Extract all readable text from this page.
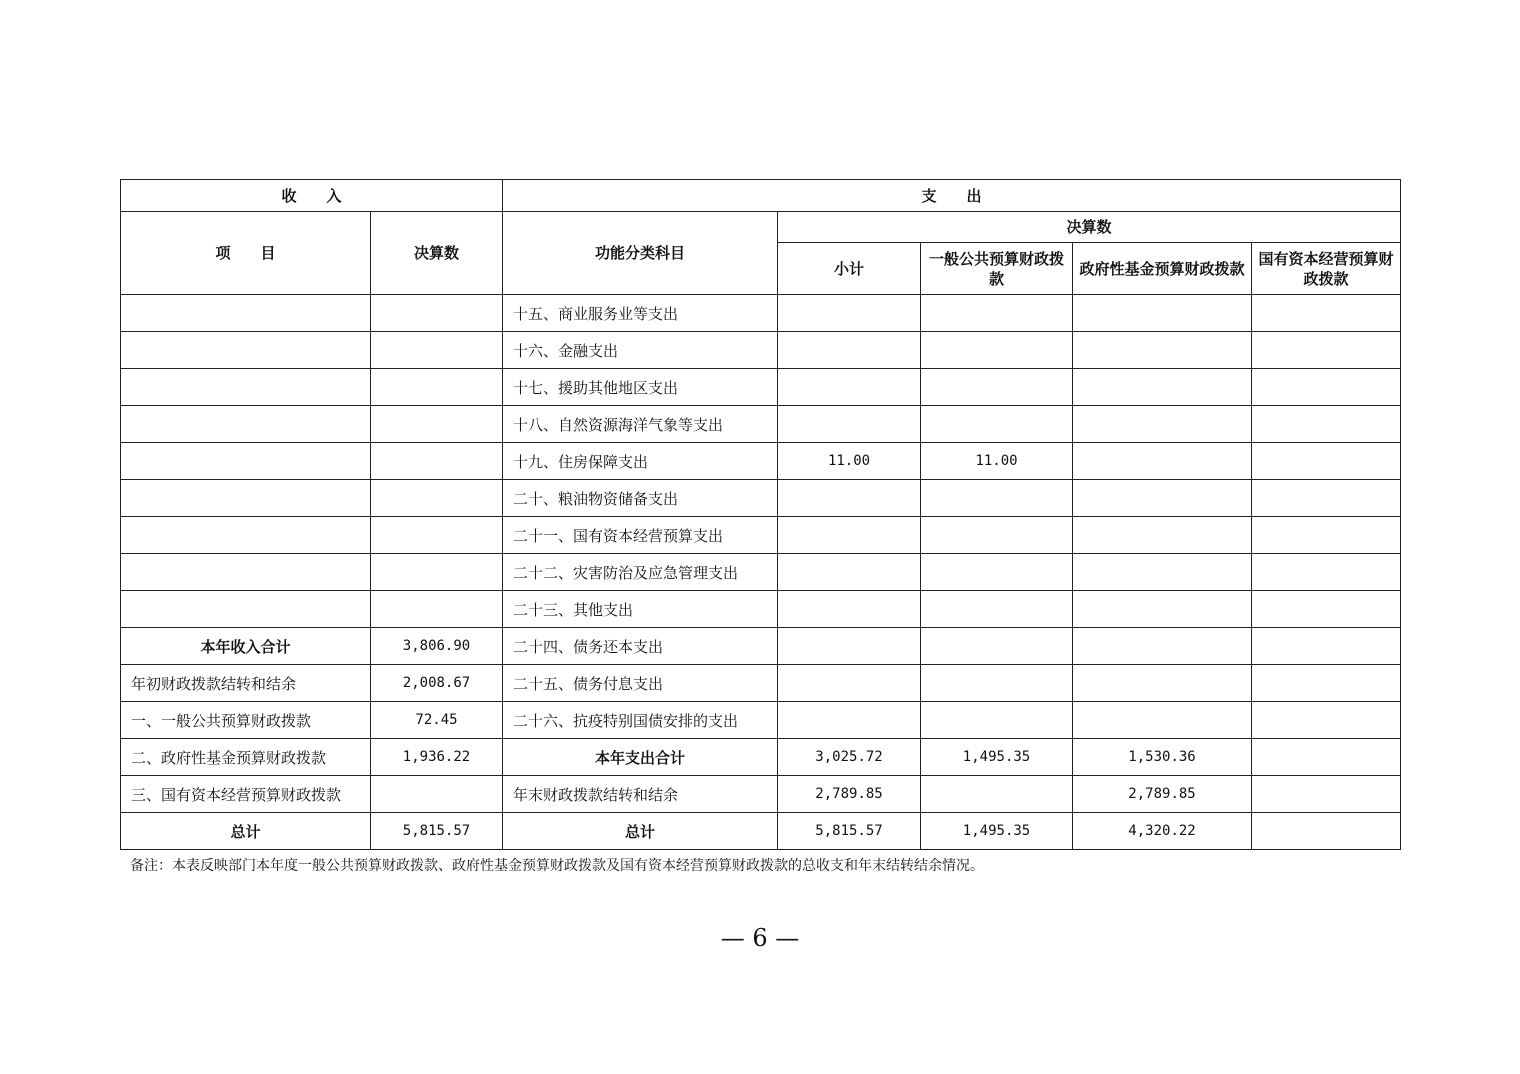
收　　入		支　　出				
项　　目	决算数	功能分类科目	决算数			
			小计	一般公共预算财政拨款	政府性基金预算财政拨款	国有资本经营预算财政拨款
		十五、商业服务业等支出				
		十六、金融支出				
		十七、援助其他地区支出				
		十八、自然资源海洋气象等支出				
		十九、住房保障支出	11.00	11.00		
		二十、粮油物资储备支出				
		二十一、国有资本经营预算支出				
		二十二、灾害防治及应急管理支出				
		二十三、其他支出				
本年收入合计	3,806.90	二十四、债务还本支出				
年初财政拨款结转和结余	2,008.67	二十五、债务付息支出				
一、一般公共预算财政拨款	72.45	二十六、抗疫特别国债安排的支出				
二、政府性基金预算财政拨款	1,936.22	本年支出合计	3,025.72	1,495.35	1,530.36	
三、国有资本经营预算财政拨款		年末财政拨款结转和结余	2,789.85		2,789.85	
总计	5,815.57	总计	5,815.57	1,495.35	4,320.22	
备注：本表反映部门本年度一般公共预算财政拨款、政府性基金预算财政拨款及国有资本经营预算财政拨款的总收支和年末结转结余情况。
— 6 —
